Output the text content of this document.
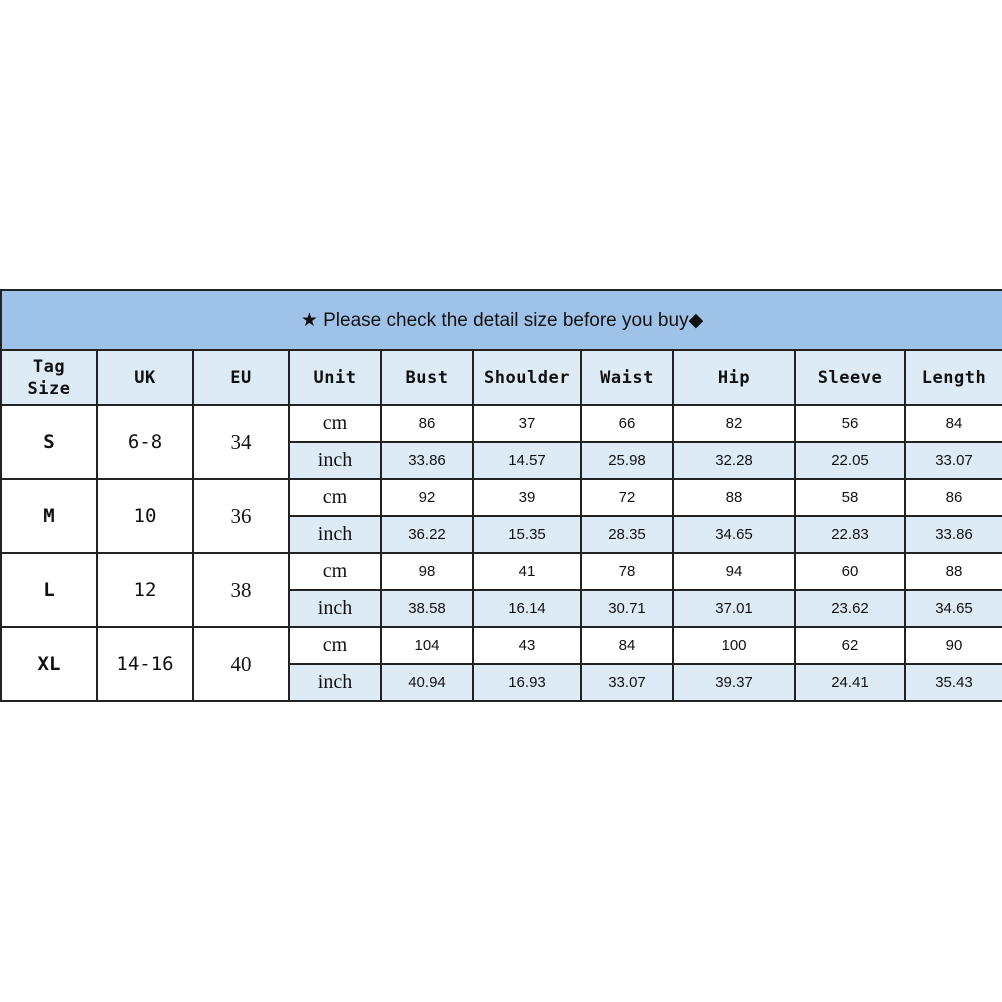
★ Please check the detail size before you buy◆									
Tag
Size	UK	EU	Unit	Bust	Shoulder	Waist	Hip	Sleeve	Length
S	6-8	34	cm	86	37	66	82	56	84
			inch	33.86	14.57	25.98	32.28	22.05	33.07
M	10	36	cm	92	39	72	88	58	86
			inch	36.22	15.35	28.35	34.65	22.83	33.86
L	12	38	cm	98	41	78	94	60	88
			inch	38.58	16.14	30.71	37.01	23.62	34.65
XL	14-16	40	cm	104	43	84	100	62	90
			inch	40.94	16.93	33.07	39.37	24.41	35.43
